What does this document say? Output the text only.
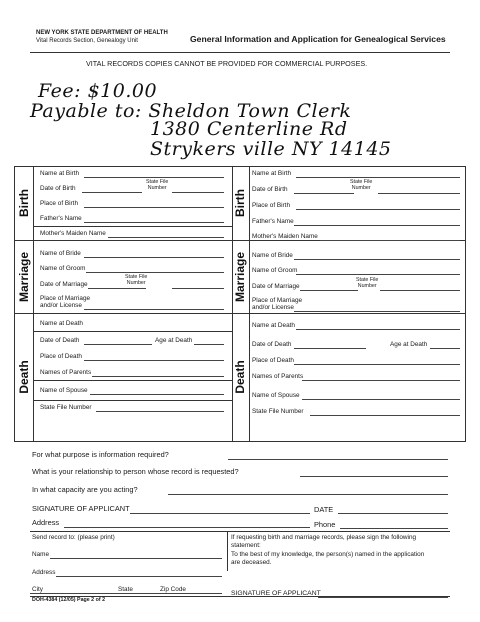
NEW YORK STATE DEPARTMENT OF HEALTH
Vital Records Section, Genealogy Unit	General Information and Application for Genealogical Services
VITAL RECORDS COPIES CANNOT BE PROVIDED FOR COMMERCIAL PURPOSES.
Fee: $10.00
Payable to: Sheldon Town Clerk
1380 Centerline Rd
Strykers ville NY 14145
Birth	Birth
Marriage	Marriage
Death	Death
Name at Birth
Date of Birth
State File
Number
Place of Birth
Father's Name
Mother's Maiden Name
Name at Birth
Date of Birth
State File
Number
Place of Birth
Father's Name
Mother's Maiden Name
Name of Bride
Name of Groom
Date of Marriage
State File
Number
Place of Marriage
and/or License
Name of Bride
Name of Groom
Date of Marriage
State File
Number
Place of Marriage
and/or License
Name at Death
Date of Death	Age at Death
Place of Death
Names of Parents
Name of Spouse
State File Number
Name at Death
Date of Death	Age at Death
Place of Death
Names of Parents
Name of Spouse
State File Number
For what purpose is information required?
What is your relationship to person whose record is requested?
In what capacity are you acting?
SIGNATURE OF APPLICANT	DATE
Address	Phone
Send record to: (please print)
Name
Address
City	State	Zip Code
If requesting birth and marriage records, please sign the following
statement:
To the best of my knowledge, the person(s) named in the application
are deceased.
SIGNATURE OF APPLICANT
DOH-4384 (12/05) Page 2 of 2
